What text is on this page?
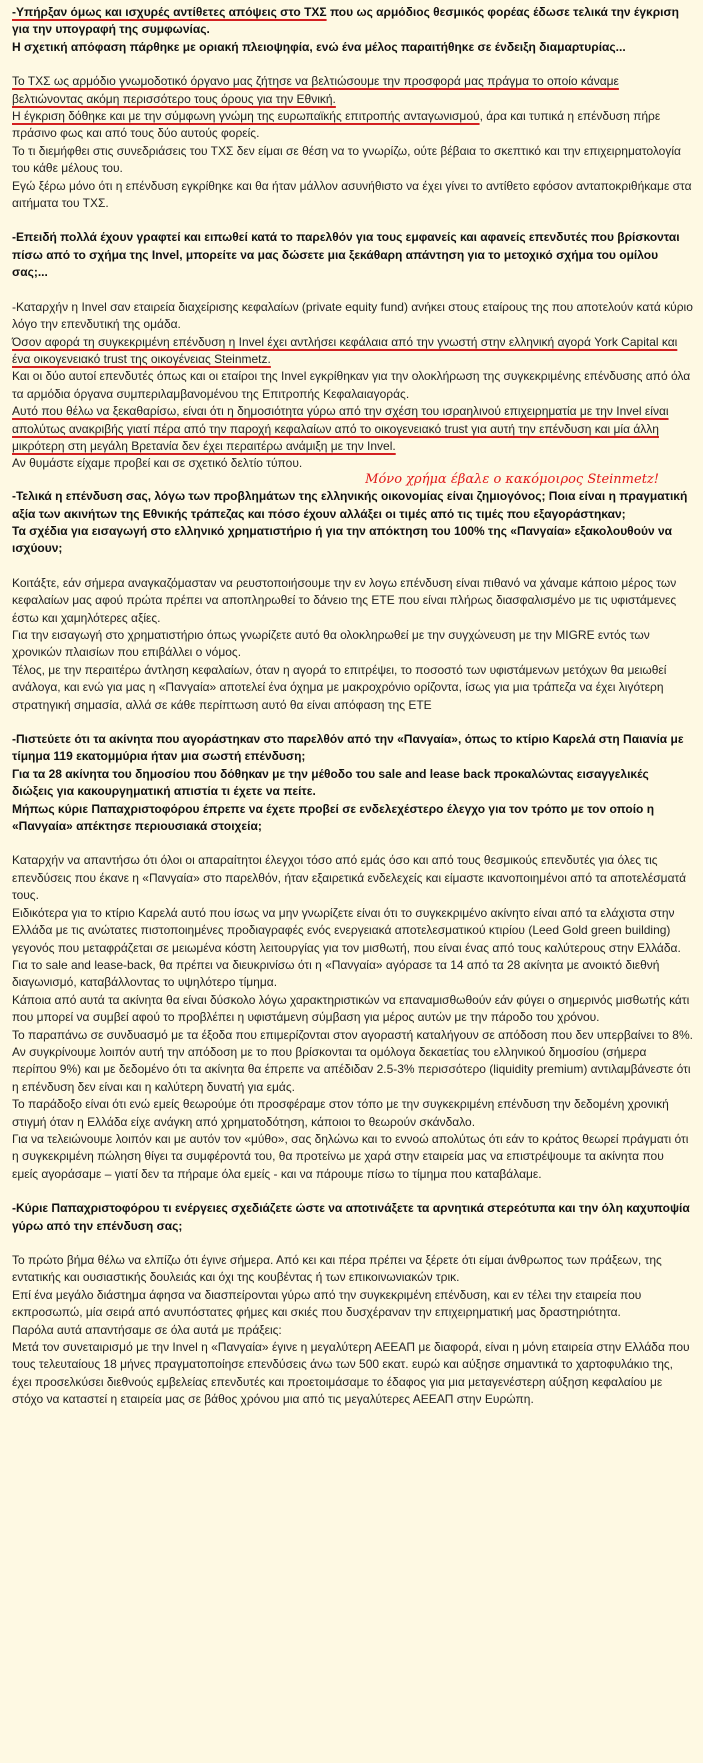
-Υπήρξαν όμως και ισχυρές αντίθετες απόψεις στο ΤΧΣ που ως αρμόδιος θεσμικός φορέας έδωσε τελικά την έγκριση για την υπογραφή της συμφωνίας.

Η σχετική απόφαση πάρθηκε με οριακή πλειοψηφία, ενώ ένα μέλος παραιτήθηκε σε ένδειξη διαμαρτυρίας...

Το ΤΧΣ ως αρμόδιο γνωμοδοτικό όργανο μας ζήτησε να βελτιώσουμε την προσφορά μας πράγμα το οποίο κάναμε βελτιώνοντας ακόμη περισσότερο τους όρους για την Εθνική.

Η έγκριση δόθηκε και με την σύμφωνη γνώμη της ευρωπαϊκής επιτροπής ανταγωνισμού, άρα και τυπικά η επένδυση πήρε πράσινο φως και από τους δύο αυτούς φορείς.

Το τι διεμήφθει στις συνεδριάσεις του ΤΧΣ δεν είμαι σε θέση να το γνωρίζω, ούτε βέβαια το σκεπτικό και την επιχειρηματολογία του κάθε μέλους του.

Εγώ ξέρω μόνο ότι η επένδυση εγκρίθηκε και θα ήταν μάλλον ασυνήθιστο να έχει γίνει το αντίθετο εφόσον ανταποκριθήκαμε στα αιτήματα του ΤΧΣ.

-Επειδή πολλά έχουν γραφτεί και ειπωθεί κατά το παρελθόν για τους εμφανείς και αφανείς επενδυτές που βρίσκονται πίσω από το σχήμα της Invel, μπορείτε να μας δώσετε μια ξεκάθαρη απάντηση για το μετοχικό σχήμα του ομίλου σας;...

-Καταρχήν η Invel σαν εταιρεία διαχείρισης κεφαλαίων (private equity fund) ανήκει στους εταίρους της που αποτελούν κατά κύριο λόγο την επενδυτική της ομάδα.

Όσον αφορά τη συγκεκριμένη επένδυση η Invel έχει αντλήσει κεφάλαια από την γνωστή στην ελληνική αγορά York Capital και ένα οικογενειακό trust της οικογένειας Steinmetz.

Και οι δύο αυτοί επενδυτές όπως και οι εταίροι της Invel εγκρίθηκαν για την ολοκλήρωση της συγκεκριμένης επένδυσης από όλα τα αρμόδια όργανα συμπεριλαμβανομένου της Επιτροπής Κεφαλαιαγοράς.

Αυτό που θέλω να ξεκαθαρίσω, είναι ότι η δημοσιότητα γύρω από την σχέση του ισραηλινού επιχειρηματία με την Invel είναι απολύτως ανακριβής γιατί πέρα από την παροχή κεφαλαίων από το οικογενειακό trust για αυτή την επένδυση και μία άλλη μικρότερη στη μεγάλη Βρετανία δεν έχει περαιτέρω ανάμιξη με την Invel.

Αν θυμάστε είχαμε προβεί και σε σχετικό δελτίο τύπου.

Μόνο χρήμα έβαλε ο κακόμοιρος Steinmetz!

-Τελικά η επένδυση σας, λόγω των προβλημάτων της ελληνικής οικονομίας είναι ζημιογόνος; Ποια είναι η πραγματική αξία των ακινήτων της Εθνικής τράπεζας και πόσο έχουν αλλάξει οι τιμές από τις τιμές που εξαγοράστηκαν;

Τα σχέδια για εισαγωγή στο ελληνικό χρηματιστήριο ή για την απόκτηση του 100% της «Πανγαία» εξακολουθούν να ισχύουν;

Κοιτάξτε, εάν σήμερα αναγκαζόμασταν να ρευστοποιήσουμε την εν λογω επένδυση είναι πιθανό να χάναμε κάποιο μέρος των κεφαλαίων μας αφού πρώτα πρέπει να αποπληρωθεί το δάνειο της ΕΤΕ που είναι πλήρως διασφαλισμένο με τις υφιστάμενες έστω και χαμηλότερες αξίες.

Για την εισαγωγή στο χρηματιστήριο όπως γνωρίζετε αυτό θα ολοκληρωθεί με την συγχώνευση με την MIGRE εντός των χρονικών πλαισίων που επιβάλλει ο νόμος.

Τέλος, με την περαιτέρω άντληση κεφαλαίων, όταν η αγορά το επιτρέψει, το ποσοστό των υφιστάμενων μετόχων θα μειωθεί ανάλογα, και ενώ για μας η «Πανγαία» αποτελεί ένα όχημα με μακροχρόνιο ορίζοντα, ίσως για μια τράπεζα να έχει λιγότερη στρατηγική σημασία, αλλά σε κάθε περίπτωση αυτό θα είναι απόφαση της ΕΤΕ

-Πιστεύετε ότι τα ακίνητα που αγοράστηκαν στο παρελθόν από την «Πανγαία», όπως το κτίριο Καρελά στη Παιανία με τίμημα 119 εκατομμύρια ήταν μια σωστή επένδυση;

Για τα 28 ακίνητα του δημοσίου που δόθηκαν με την μέθοδο του sale and lease back προκαλώντας εισαγγελικές διώξεις για κακουργηματική απιστία τι έχετε να πείτε.

Μήπως κύριε Παπαχριστοφόρου έπρεπε να έχετε προβεί σε ενδελεχέστερο έλεγχο για τον τρόπο με τον οποίο η «Πανγαία» απέκτησε περιουσιακά στοιχεία;

Καταρχήν να απαντήσω ότι όλοι οι απαραίτητοι έλεγχοι τόσο από εμάς όσο και από τους θεσμικούς επενδυτές για όλες τις επενδύσεις που έκανε η «Πανγαία» στο παρελθόν, ήταν εξαιρετικά ενδελεχείς και είμαστε ικανοποιημένοι από τα αποτελέσματά τους.

Ειδικότερα για το κτίριο Καρελά αυτό που ίσως να μην γνωρίζετε είναι ότι το συγκεκριμένο ακίνητο είναι από τα ελάχιστα στην Ελλάδα με τις ανώτατες πιστοποιημένες προδιαγραφές ενός ενεργειακά αποτελεσματικού κτιρίου (Leed Gold green building) γεγονός που μεταφράζεται σε μειωμένα κόστη λειτουργίας για τον μισθωτή, που είναι ένας από τους καλύτερους στην Ελλάδα.

Για το sale and lease-back, θα πρέπει να διευκρινίσω ότι η «Πανγαία» αγόρασε τα 14 από τα 28 ακίνητα με ανοικτό διεθνή διαγωνισμό, καταβάλλοντας το υψηλότερο τίμημα.

Κάποια από αυτά τα ακίνητα θα είναι δύσκολο λόγω χαρακτηριστικών να επαναμισθωθούν εάν φύγει ο σημερινός μισθωτής κάτι που μπορεί να συμβεί αφού το προβλέπει η υφιστάμενη σύμβαση για μέρος αυτών με την πάροδο του χρόνου.

Το παραπάνω σε συνδυασμό με τα έξοδα που επιμερίζονται στον αγοραστή καταλήγουν σε απόδοση που δεν υπερβαίνει το 8%.

Αν συγκρίνουμε λοιπόν αυτή την απόδοση με το που βρίσκονται τα ομόλογα δεκαετίας του ελληνικού δημοσίου (σήμερα περίπου 9%) και με δεδομένο ότι τα ακίνητα θα έπρεπε να απέδιδαν 2.5-3% περισσότερο (liquidity premium) αντιλαμβάνεστε ότι η επένδυση δεν είναι και η καλύτερη δυνατή για εμάς.

Το παράδοξο είναι ότι ενώ εμείς θεωρούμε ότι προσφέραμε στον τόπο με την συγκεκριμένη επένδυση την δεδομένη χρονική στιγμή όταν η Ελλάδα είχε ανάγκη από χρηματοδότηση, κάποιοι το θεωρούν σκάνδαλο.

Για να τελειώνουμε λοιπόν και με αυτόν τον «μύθο», σας δηλώνω και το εννοώ απολύτως ότι εάν το κράτος θεωρεί πράγματι ότι η συγκεκριμένη πώληση θίγει τα συμφέροντά του, θα προτείνω με χαρά στην εταιρεία μας να επιστρέψουμε τα ακίνητα που εμείς αγοράσαμε – γιατί δεν τα πήραμε όλα εμείς - και να πάρουμε πίσω το τίμημα που καταβάλαμε.

-Κύριε Παπαχριστοφόρου τι ενέργειες σχεδιάζετε ώστε να αποτινάξετε τα αρνητικά στερεότυπα και την όλη καχυποψία γύρω από την επένδυση σας;

Το πρώτο βήμα θέλω να ελπίζω ότι έγινε σήμερα. Από κει και πέρα πρέπει να ξέρετε ότι είμαι άνθρωπος των πράξεων, της εντατικής και ουσιαστικής δουλειάς και όχι της κουβέντας ή των επικοινωνιακών τρικ.

Επί ένα μεγάλο διάστημα άφησα να διασπείρονται γύρω από την συγκεκριμένη επένδυση, και εν τέλει την εταιρεία που εκπροσωπώ, μία σειρά από ανυπόστατες φήμες και σκιές που δυσχέραναν την επιχειρηματική μας δραστηριότητα.

Παρόλα αυτά απαντήσαμε σε όλα αυτά με πράξεις:

Μετά τον συνεταιρισμό με την Invel η «Πανγαία» έγινε η μεγαλύτερη ΑΕΕΑΠ με διαφορά, είναι η μόνη εταιρεία στην Ελλάδα που τους τελευταίους 18 μήνες πραγματοποίησε επενδύσεις άνω των 500 εκατ. ευρώ και αύξησε σημαντικά το χαρτοφυλάκιο της, έχει προσελκύσει διεθνούς εμβελείας επενδυτές και προετοιμάσαμε το έδαφος για μια μεταγενέστερη αύξηση κεφαλαίου με στόχο να καταστεί η εταιρεία μας σε βάθος χρόνου μια από τις μεγαλύτερες ΑΕΕΑΠ στην Ευρώπη.
